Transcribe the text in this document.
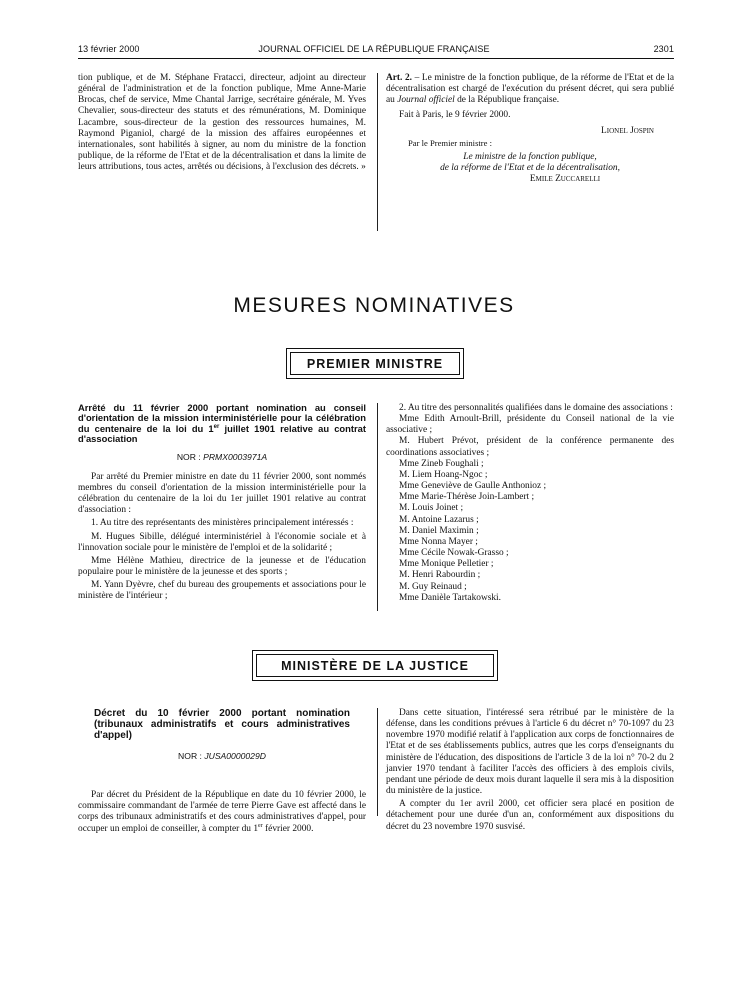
13 février 2000	JOURNAL OFFICIEL DE LA RÉPUBLIQUE FRANÇAISE	2301

tion publique, et de M. Stéphane Fratacci, directeur, adjoint au directeur général de l'administration et de la fonction publique, Mme Anne-Marie Brocas, chef de service, Mme Chantal Jarrige, secrétaire générale, M. Yves Chevalier, sous-directeur des statuts et des rémunérations, M. Dominique Lacambre, sous-directeur de la gestion des ressources humaines, M. Raymond Piganiol, chargé de la mission des affaires européennes et internationales, sont habilités à signer, au nom du ministre de la fonction publique, de la réforme de l'Etat et de la décentralisation et dans la limite de leurs attributions, tous actes, arrêtés ou décisions, à l'exclusion des décrets. »

Art. 2. – Le ministre de la fonction publique, de la réforme de l'Etat et de la décentralisation est chargé de l'exécution du présent décret, qui sera publié au Journal officiel de la République française.

Fait à Paris, le 9 février 2000.

Lionel Jospin
Par le Premier ministre :
Le ministre de la fonction publique,
de la réforme de l'Etat et de la décentralisation,
Emile Zuccarelli
MESURES NOMINATIVES
PREMIER MINISTRE
Arrêté du 11 février 2000 portant nomination au conseil d'orientation de la mission interministérielle pour la célébration du centenaire de la loi du 1er juillet 1901 relative au contrat d'association
NOR : PRMX0003971A

Par arrêté du Premier ministre en date du 11 février 2000, sont nommés membres du conseil d'orientation de la mission interministérielle pour la célébration du centenaire de la loi du 1er juillet 1901 relative au contrat d'association :

1. Au titre des représentants des ministères principalement intéressés :

M. Hugues Sibille, délégué interministériel à l'économie sociale et à l'innovation sociale pour le ministère de l'emploi et de la solidarité ;

Mme Hélène Mathieu, directrice de la jeunesse et de l'éducation populaire pour le ministère de la jeunesse et des sports ;

M. Yann Dyèvre, chef du bureau des groupements et associations pour le ministère de l'intérieur ;

2. Au titre des personnalités qualifiées dans le domaine des associations :

Mme Edith Arnoult-Brill, présidente du Conseil national de la vie associative ;

M. Hubert Prévot, président de la conférence permanente des coordinations associatives ;

Mme Zineb Foughali ;

M. Liem Hoang-Ngoc ;

Mme Geneviève de Gaulle Anthonioz ;

Mme Marie-Thérèse Join-Lambert ;

M. Louis Joinet ;

M. Antoine Lazarus ;

M. Daniel Maximin ;

Mme Nonna Mayer ;

Mme Cécile Nowak-Grasso ;

Mme Monique Pelletier ;

M. Henri Rabourdin ;

M. Guy Reinaud ;

Mme Danièle Tartakowski.

MINISTÈRE DE LA JUSTICE
Décret du 10 février 2000 portant nomination (tribunaux administratifs et cours administratives d'appel)
NOR : JUSA0000029D

Par décret du Président de la République en date du 10 février 2000, le commissaire commandant de l'armée de terre Pierre Gave est affecté dans le corps des tribunaux administratifs et des cours administratives d'appel, pour occuper un emploi de conseiller, à compter du 1er février 2000.

Dans cette situation, l'intéressé sera rétribué par le ministère de la défense, dans les conditions prévues à l'article 6 du décret n° 70-1097 du 23 novembre 1970 modifié relatif à l'application aux corps de fonctionnaires de l'Etat et de ses établissements publics, autres que les corps d'enseignants du ministère de l'éducation, des dispositions de l'article 3 de la loi n° 70-2 du 2 janvier 1970 tendant à faciliter l'accès des officiers à des emplois civils, pendant une période de deux mois durant laquelle il sera mis à la disposition du ministère de la justice.

A compter du 1er avril 2000, cet officier sera placé en position de détachement pour une durée d'un an, conformément aux dispositions du décret du 23 novembre 1970 susvisé.
